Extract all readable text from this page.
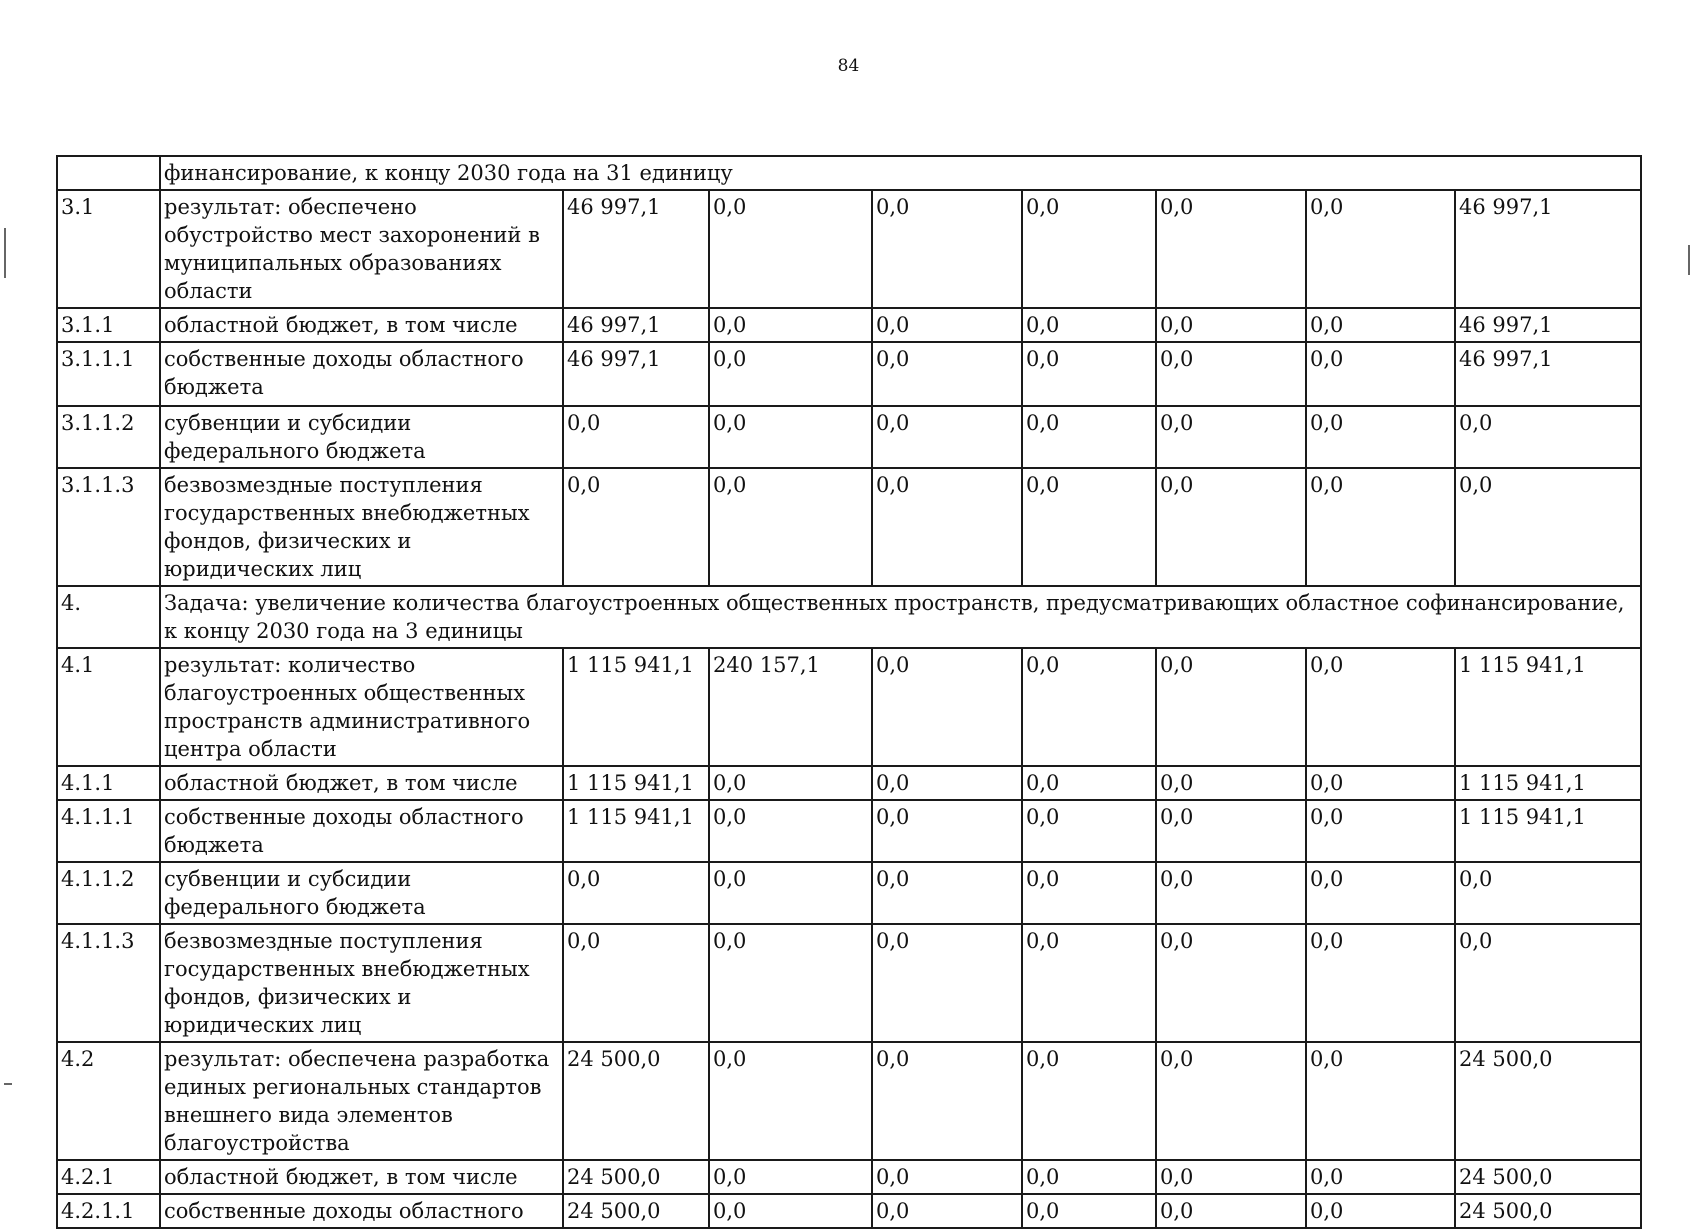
84
	финансирование, к концу 2030 года на 31 единицу							
3.1	результат: обеспечено обустройство мест захоронений в муниципальных образованиях области	46 997,1	0,0	0,0	0,0	0,0	0,0	46 997,1
3.1.1	областной бюджет, в том числе	46 997,1	0,0	0,0	0,0	0,0	0,0	46 997,1
3.1.1.1	собственные доходы областного бюджета	46 997,1	0,0	0,0	0,0	0,0	0,0	46 997,1
3.1.1.2	субвенции и субсидии федерального бюджета	0,0	0,0	0,0	0,0	0,0	0,0	0,0
3.1.1.3	безвозмездные поступления государственных внебюджетных фондов, физических и юридических лиц	0,0	0,0	0,0	0,0	0,0	0,0	0,0
4.	Задача: увеличение количества благоустроенных общественных пространств, предусматривающих областное софинансирование, к концу 2030 года на 3 единицы							
4.1	результат: количество благоустроенных общественных пространств административного центра области	1 115 941,1	240 157,1	0,0	0,0	0,0	0,0	1 115 941,1
4.1.1	областной бюджет, в том числе	1 115 941,1	0,0	0,0	0,0	0,0	0,0	1 115 941,1
4.1.1.1	собственные доходы областного бюджета	1 115 941,1	0,0	0,0	0,0	0,0	0,0	1 115 941,1
4.1.1.2	субвенции и субсидии федерального бюджета	0,0	0,0	0,0	0,0	0,0	0,0	0,0
4.1.1.3	безвозмездные поступления государственных внебюджетных фондов, физических и юридических лиц	0,0	0,0	0,0	0,0	0,0	0,0	0,0
4.2	результат: обеспечена разработка единых региональных стандартов внешнего вида элементов благоустройства	24 500,0	0,0	0,0	0,0	0,0	0,0	24 500,0
4.2.1	областной бюджет, в том числе	24 500,0	0,0	0,0	0,0	0,0	0,0	24 500,0
4.2.1.1	собственные доходы областного	24 500,0	0,0	0,0	0,0	0,0	0,0	24 500,0
